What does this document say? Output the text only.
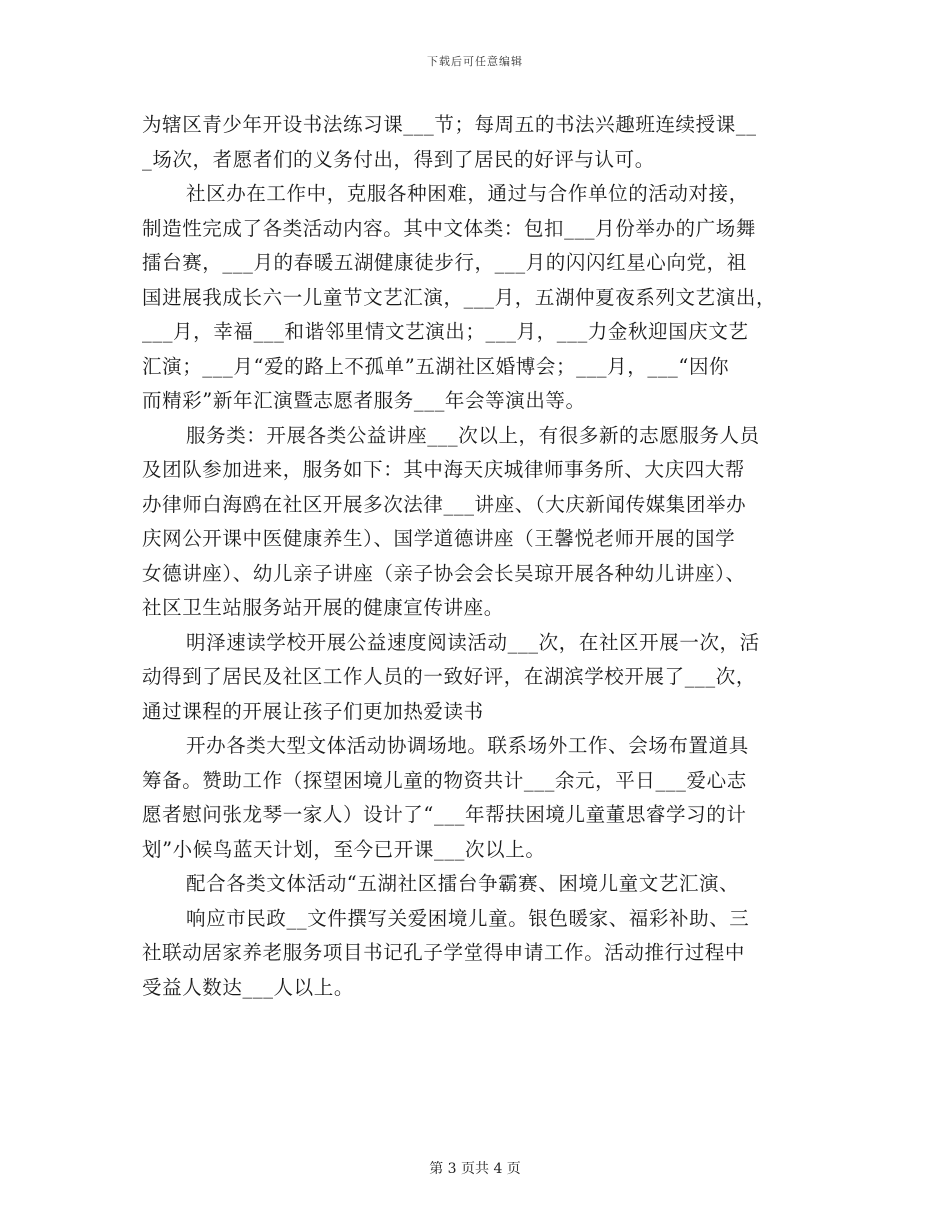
下载后可任意编辑
为辖区青少年开设书法练习课___节；每周五的书法兴趣班连续授课__
_场次，者愿者们的义务付出，得到了居民的好评与认可。
社区办在工作中，克服各种困难，通过与合作单位的活动对接，
制造性完成了各类活动内容。其中文体类：包扣___月份举办的广场舞
擂台赛，___月的春暖五湖健康徒步行，___月的闪闪红星心向党，祖
国进展我成长六一儿童节文艺汇演，___月，五湖仲夏夜系列文艺演出，
___月，幸福___和谐邻里情文艺演出；___月，___力金秋迎国庆文艺
汇演；___月“爱的路上不孤单”五湖社区婚博会；___月，___“因你
而精彩”新年汇演暨志愿者服务___年会等演出等。
服务类：开展各类公益讲座___次以上，有很多新的志愿服务人员
及团队参加进来，服务如下：其中海天庆城律师事务所、大庆四大帮
办律师白海鸥在社区开展多次法律___讲座、（大庆新闻传媒集团举办
庆网公开课中医健康养生）、国学道德讲座（王馨悦老师开展的国学
女德讲座）、幼儿亲子讲座（亲子协会会长吴琼开展各种幼儿讲座）、
社区卫生站服务站开展的健康宣传讲座。
明泽速读学校开展公益速度阅读活动___次，在社区开展一次，活
动得到了居民及社区工作人员的一致好评，在湖滨学校开展了___次，
通过课程的开展让孩子们更加热爱读书
开办各类大型文体活动协调场地。联系场外工作、会场布置道具
筹备。赞助工作（探望困境儿童的物资共计___余元，平日___爱心志
愿者慰问张龙琴一家人）设计了“___年帮扶困境儿童董思睿学习的计
划”小候鸟蓝天计划，至今已开课___次以上。
配合各类文体活动“五湖社区擂台争霸赛、困境儿童文艺汇演、
响应市民政__文件撰写关爱困境儿童。银色暖家、福彩补助、三
社联动居家养老服务项目书记孔子学堂得申请工作。活动推行过程中
受益人数达___人以上。
第 3 页共 4 页
